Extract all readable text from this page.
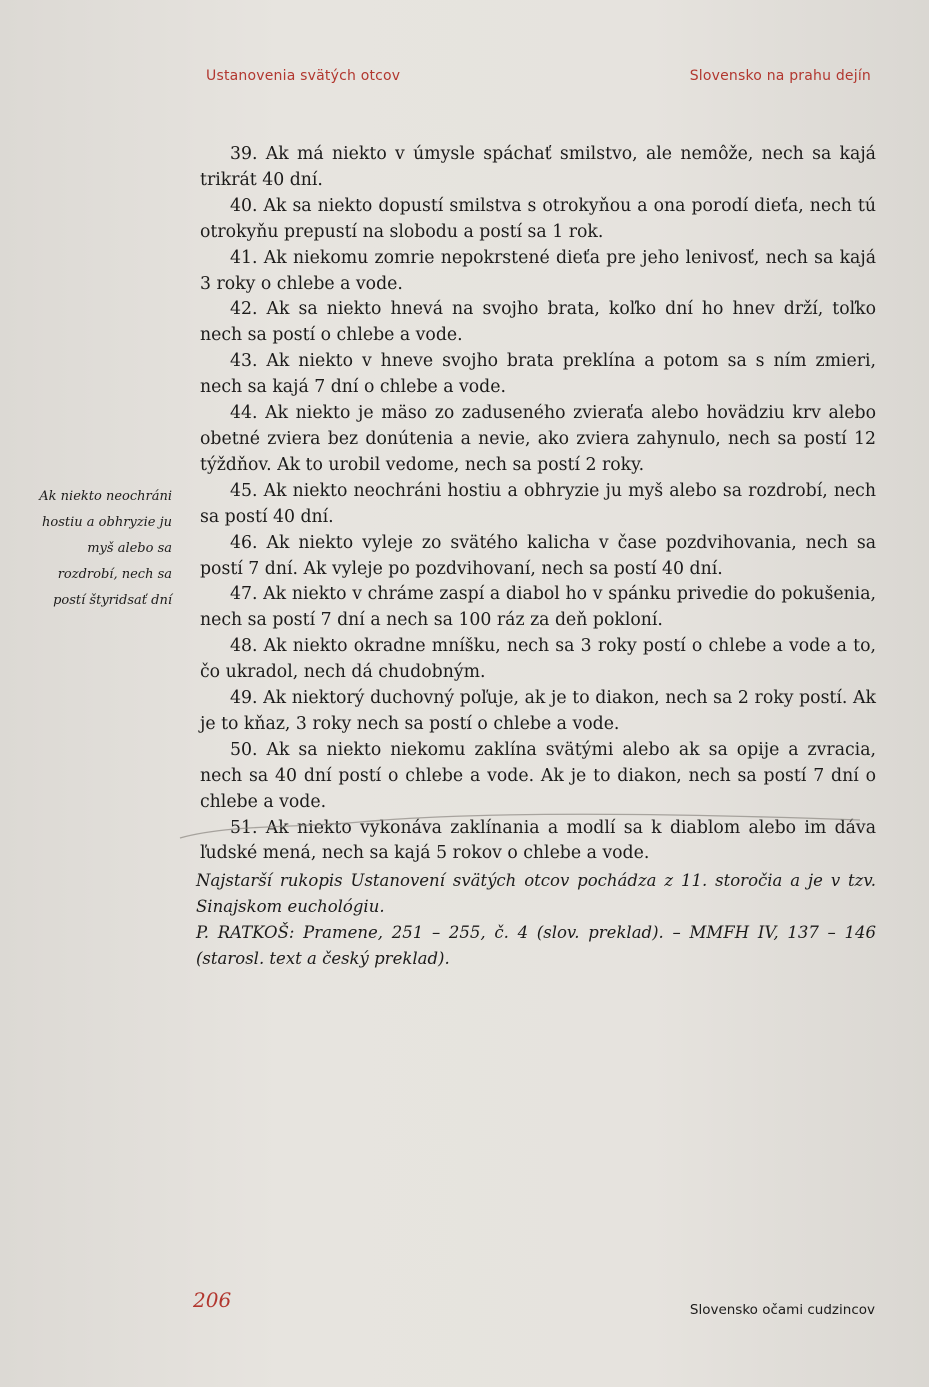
Ustanovenia svätých otcov	Slovensko na prahu dejín
Ak niekto neochráni
hostiu a obhryzie ju
myš alebo sa
rozdrobí, nech sa
postí štyridsať dní

39. Ak má niekto v úmysle spáchať smilstvo, ale nemôže, nech sa kajá trikrát 40 dní.

40. Ak sa niekto dopustí smilstva s otrokyňou a ona porodí dieťa, nech tú otrokyňu prepustí na slobodu a postí sa 1 rok.

41. Ak niekomu zomrie nepokrstené dieťa pre jeho lenivosť, nech sa kajá 3 roky o chlebe a vode.

42. Ak sa niekto hnevá na svojho brata, koľko dní ho hnev drží, toľko nech sa postí o chlebe a vode.

43. Ak niekto v hneve svojho brata preklína a potom sa s ním zmieri, nech sa kajá 7 dní o chlebe a vode.

44. Ak niekto je mäso zo zaduseného zvieraťa alebo hovädziu krv alebo obetné zviera bez donútenia a nevie, ako zviera zahynulo, nech sa postí 12 týždňov. Ak to urobil vedome, nech sa postí 2 roky.

45. Ak niekto neochráni hostiu a obhryzie ju myš alebo sa rozdrobí, nech sa postí 40 dní.

46. Ak niekto vyleje zo svätého kalicha v čase pozdvihovania, nech sa postí 7 dní. Ak vyleje po pozdvihovaní, nech sa postí 40 dní.

47. Ak niekto v chráme zaspí a diabol ho v spánku privedie do pokušenia, nech sa postí 7 dní a nech sa 100 ráz za deň pokloní.

48. Ak niekto okradne mníšku, nech sa 3 roky postí o chlebe a vode a to, čo ukradol, nech dá chudobným.

49. Ak niektorý duchovný poľuje, ak je to diakon, nech sa 2 roky postí. Ak je to kňaz, 3 roky nech sa postí o chlebe a vode.

50. Ak sa niekto niekomu zaklína svätými alebo ak sa opije a zvracia, nech sa 40 dní postí o chlebe a vode. Ak je to diakon, nech sa postí 7 dní o chlebe a vode.

51. Ak niekto vykonáva zaklínania a modlí sa k diablom alebo im dáva ľudské mená, nech sa kajá 5 rokov o chlebe a vode.

Najstarší rukopis Ustanovení svätých otcov pochádza z 11. storočia a je v tzv. Sinajskom euchológiu.

P. RATKOŠ: Pramene, 251 – 255, č. 4 (slov. preklad). – MMFH IV, 137 – 146 (starosl. text a český preklad).

206	Slovensko očami cudzincov
